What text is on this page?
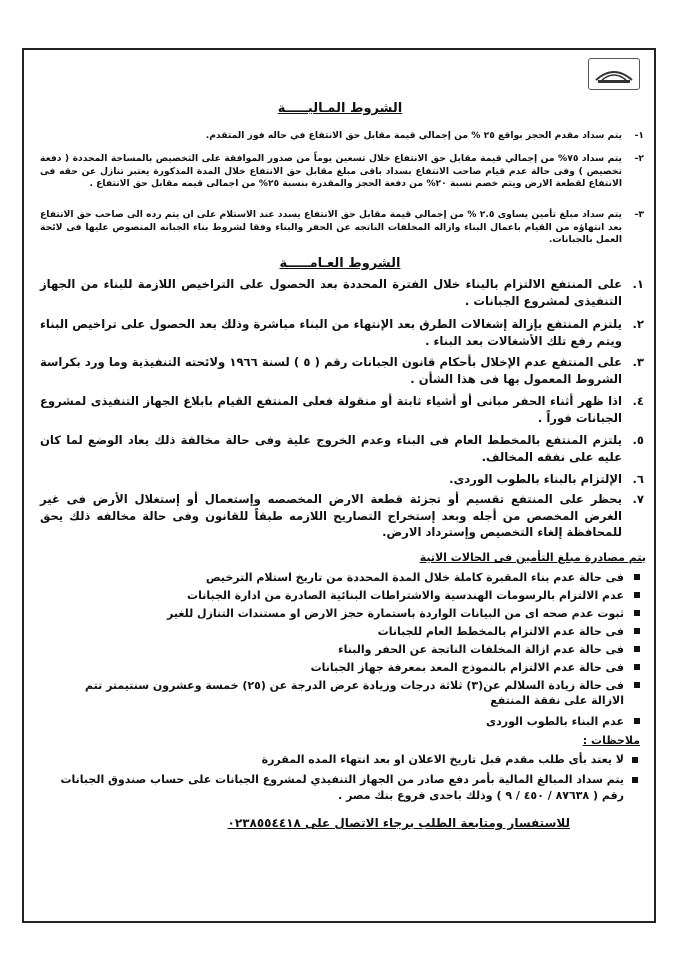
الشروط المـاليـــــة
١-
يتم سداد مقدم الحجز بواقع ٢٥ % من إجمالي قيمة مقابل حق الانتفاع في حاله فوز المتقدم.
٢-
يتم سداد ٧٥% من إجمالي قيمة مقابل حق الانتفاع خلال تسعين يوماً من صدور الموافقة على التخصيص بالمساحة المحددة ( دفعة تخصيص ) وفى حالة عدم قيام صاحب الانتفاع بسداد باقى مبلغ مقابل حق الانتفاع خلال المدة المذكورة يعتبر تنازل عن حقه فى الانتفاع لقطعة الارض ويتم خصم نسبة ٢٠% من دفعة الحجز والمقدرة بنسبة ٢٥% من اجمالى قيمه مقابل حق الانتفاع .
٣-
يتم سداد مبلغ تأمين يساوى ٢.٥ % من إجمالي قيمة مقابل حق الانتفاع يسدد عند الاستلام على ان يتم رده الى صاحب حق الانتفاع بعد انتهاؤه من القيام باعمال البناء وازاله المخلفات الناتجه عن الحفر والبناء وفقا لشروط بناء الجبانه المنصوص عليها فى لائحة العمل بالجبانات.
الشروط العـامـــــة
١.
على المنتفع الالتزام بالبناء خلال الفترة المحددة بعد الحصول على التراخيص اللازمة للبناء من الجهاز التنفيذى لمشروع الجبانات .
٢.
يلتزم المنتفع بإزالة إشغالات الطرق بعد الإنتهاء من البناء مباشرة وذلك بعد الحصول على تراخيص البناء ويتم رفع تلك الأشغالات بعد البناء .
٣.
على المنتفع عدم الإخلال بأحكام قانون الجبانات رقم ( ٥ ) لسنة ١٩٦٦ ولائحته التنفيذية وما ورد بكراسة الشروط المعمول بها فى هذا الشأن .
٤.
اذا ظهر أثناء الحفر مبانى أو أشياء ثابتة أو منقولة فعلى المنتفع القيام بابلاغ الجهاز التنفيذى لمشروع الجبانات فوراً .
٥.
يلتزم المنتفع بالمخطط العام فى البناء وعدم الخروج علية وفى حالة مخالفة ذلك يعاد الوضع لما كان عليه على نفقه المخالف.
٦.
الإلتزام بالبناء بالطوب الوردى.
٧.
يحظر على المنتفع تقسيم أو تجزئة قطعة الارض المخصصه وإستعمال أو إستغلال الأرض فى غير الغرض المخصص من أجله وبعد إستخراج التصاريح اللازمه طبقاً للقانون وفى حالة مخالفه ذلك يحق للمحافظة إلغاء التخصيص وإسترداد الارض.
يتم مصادرة مبلغ التأمين فى الحالات الاتية
فى حالة عدم بناء المقبرة كاملة خلال المدة المحددة من تاريخ استلام الترخيص
عدم الالتزام بالرسومات الهندسية والاشتراطات البنائية الصادرة من ادارة الجبانات
ثبوت عدم صحه اى من البيانات الواردة باستمارة حجز الارض او مستندات التنازل للغير
فى حالة عدم الالتزام بالمخطط العام للجبانات
فى حالة عدم ازالة المخلفات الناتجة عن الحفر والبناء
فى حالة عدم الالتزام بالنموذج المعد بمعرفة جهاز الجبانات
فى حالة زيادة السلالم عن(٣) ثلاثة درجات وزيادة عرض الدرجة عن (٢٥) خمسة وعشرون سنتيمتر تتم الازالة على نفقة المنتفع
عدم البناء بالطوب الوردى
ملاحظات :
لا يعتد بأى طلب مقدم قبل تاريخ الاعلان او بعد انتهاء المده المقررة
يتم سداد المبالغ المالية بأمر دفع صادر من الجهاز التنفيذي لمشروع الجبانات على حساب صندوق الجبانات رقم ( ٨٧٦٣٨ / ٤٥٠ / ٩ ) وذلك باحدى فروع بنك مصر .
للاستفسار ومتابعة الطلب برجاء الاتصال على ٠٢٣٨٥٥٤٤١٨
